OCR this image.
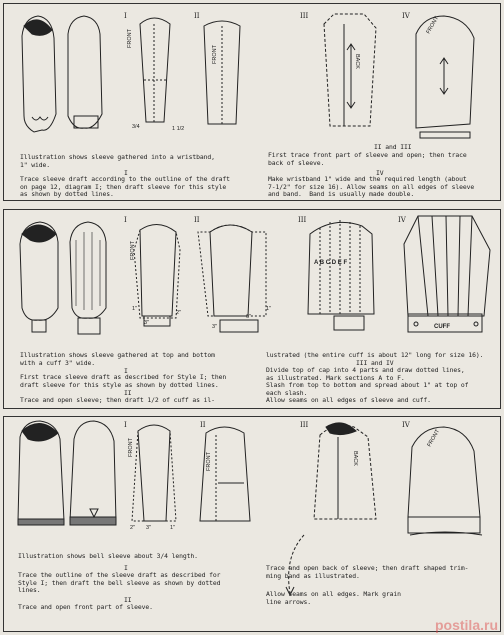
FRONT
FRONT	BACK
FRONT
3/4	1 1/2
I	II	III	IV
Illustration shows sleeve gathered into a wristband,
1" wide.
I
Trace sleeve draft according to the outline of the draft
on page 12, diagram I; then draft sleeve for this style
as shown by dotted lines.
II and III
First trace front part of sleeve and open; then trace
back of sleeve.
IV
Make wristband 1" wide and the required length (about
7-1/2" for size 16). Allow seams on all edges of sleeve
and band.  Band is usually made double.
FRONT
A B C D E F
CUFF
1"
3"
2"
3"
6"
1"
I	II	III	IV
Illustration shows sleeve gathered at top and bottom
with a cuff 3" wide.
I
First trace sleeve draft as described for Style I; then
draft sleeve for this style as shown by dotted lines.
II
Trace and open sleeve; then draft 1/2 of cuff as il-
lustrated (the entire cuff is about 12" long for size 16).
III and IV
Divide top of cap into 4 parts and draw dotted lines,
as illustrated. Mark sections A to F.
Slash from top to bottom and spread about 1" at top of
each slash.
Allow seams on all edges of sleeve and cuff.
FRONT
FRONT	BACK
FRONT
2" 3"	1"
I	II	III	IV
Illustration shows bell sleeve about 3/4 length.
I
Trace the outline of the sleeve draft as described for
Style I; then draft the bell sleeve as shown by dotted
lines.
II
Trace and open front part of sleeve.
Trace and open back of sleeve; then draft shaped trim-
ming band as illustrated.
Allow seams on all edges. Mark grain
line arrows.
postila.ru
